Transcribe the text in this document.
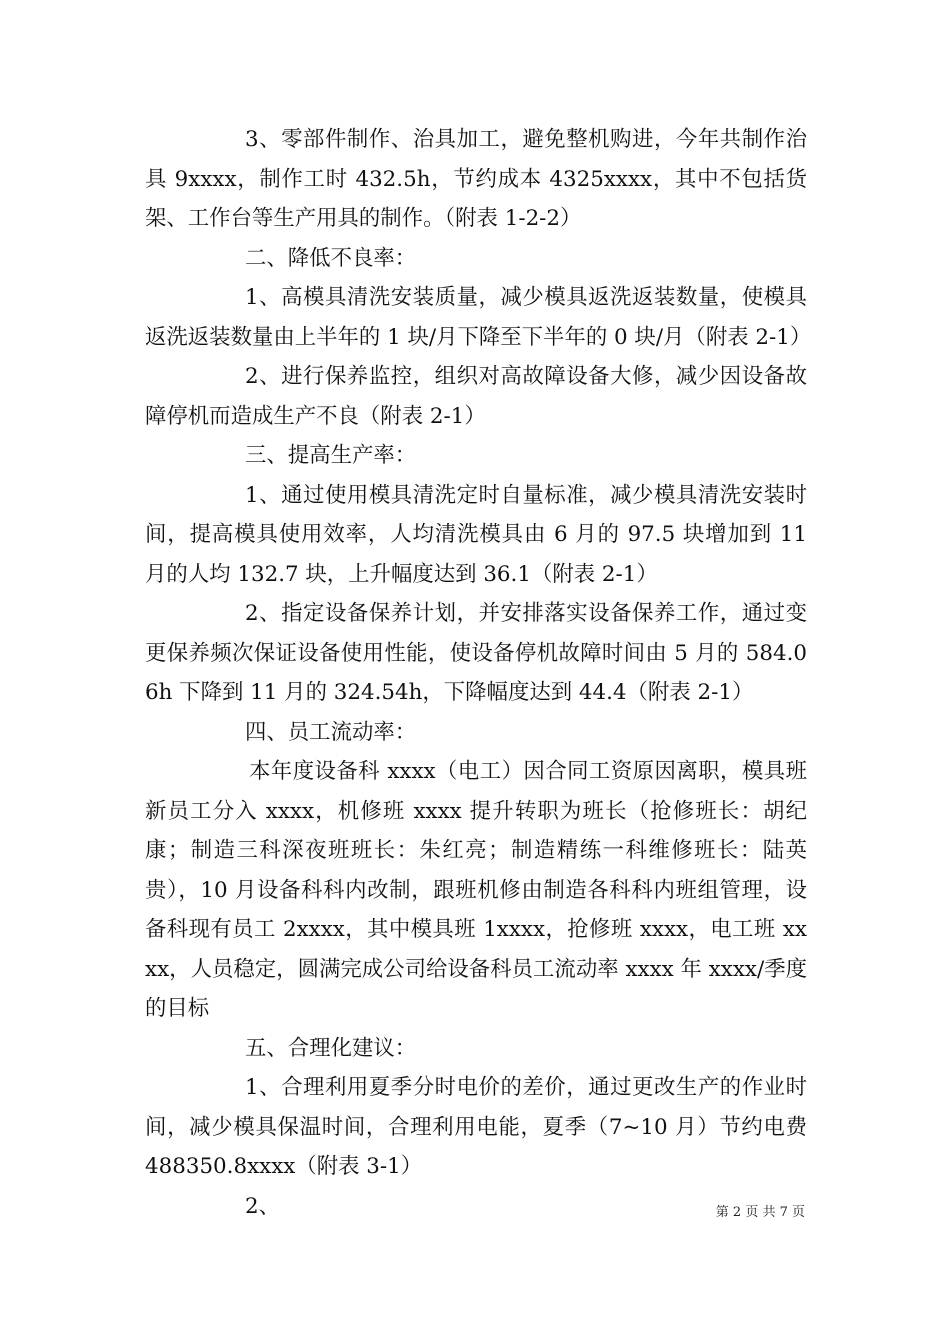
3、零部件制作、治具加工，避免整机购进，今年共制作治具 9xxxx，制作工时 432.5h，节约成本 4325xxxx，其中不包括货架、工作台等生产用具的制作。（附表 1-2-2）

二、降低不良率：

1、高模具清洗安装质量，减少模具返洗返装数量，使模具返洗返装数量由上半年的 1 块/月下降至下半年的 0 块/月（附表 2-1）

2、进行保养监控，组织对高故障设备大修，减少因设备故障停机而造成生产不良（附表 2-1）

三、提高生产率：

1、通过使用模具清洗定时自量标准，减少模具清洗安装时间，提高模具使用效率，人均清洗模具由 6 月的 97.5 块增加到 11 月的人均 132.7 块，上升幅度达到 36.1（附表 2-1）

2、指定设备保养计划，并安排落实设备保养工作，通过变更保养频次保证设备使用性能，使设备停机故障时间由 5 月的 584.06h 下降到 11 月的 324.54h，下降幅度达到 44.4（附表 2-1）

四、员工流动率：

本年度设备科 xxxx（电工）因合同工资原因离职，模具班新员工分入 xxxx，机修班 xxxx 提升转职为班长（抢修班长：胡纪康；制造三科深夜班班长：朱红亮；制造精练一科维修班长：陆英贵），10 月设备科科内改制，跟班机修由制造各科科内班组管理，设备科现有员工 2xxxx，其中模具班 1xxxx，抢修班 xxxx，电工班 xxxx，人员稳定，圆满完成公司给设备科员工流动率 xxxx 年 xxxx/季度的目标

五、合理化建议：

1、合理利用夏季分时电价的差价，通过更改生产的作业时间，减少模具保温时间，合理利用电能，夏季（7~10 月）节约电费 488350.8xxxx（附表 3-1）

2、	第 2 页 共 7 页
